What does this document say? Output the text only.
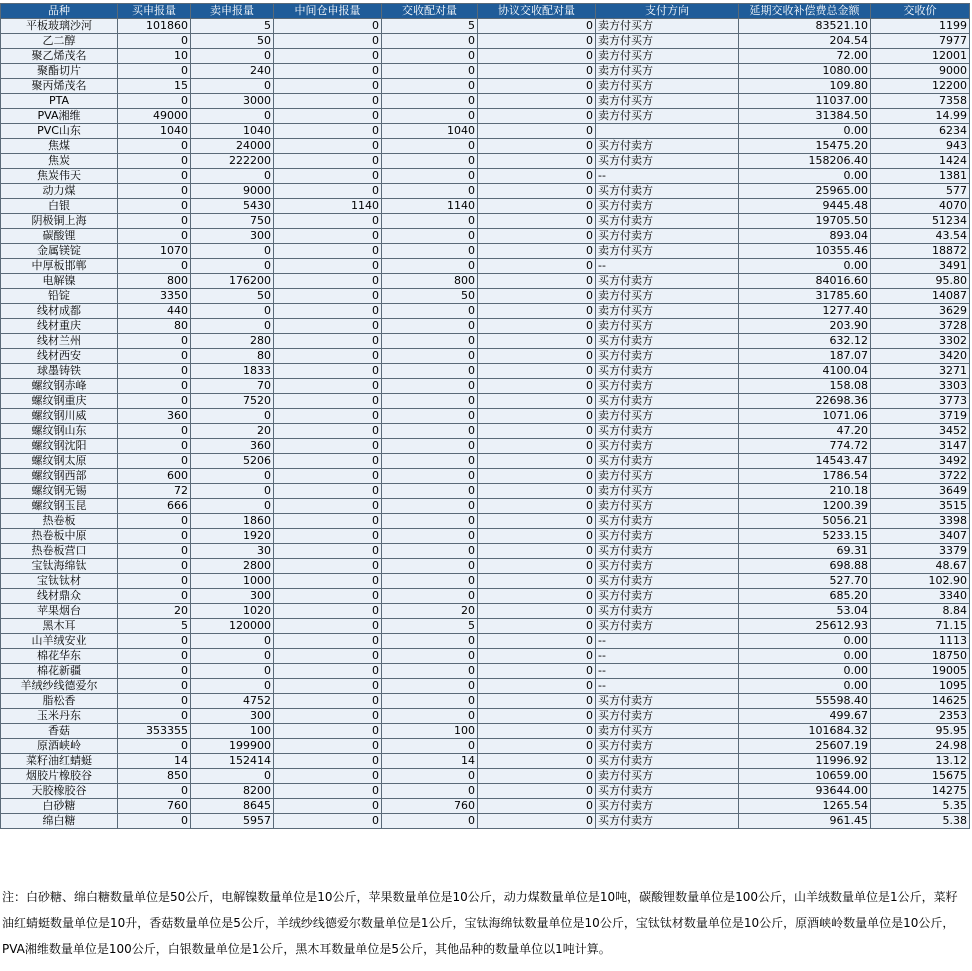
品种	买申报量	卖申报量	中间仓申报量	交收配对量	协议交收配对量	支付方向	延期交收补偿费总金额	交收价
平板玻璃沙河	101860	5	0	5	0	卖方付买方	83521.10	1199
乙二醇	0	50	0	0	0	卖方付买方	204.54	7977
聚乙烯茂名	10	0	0	0	0	卖方付买方	72.00	12001
聚酯切片	0	240	0	0	0	卖方付买方	1080.00	9000
聚丙烯茂名	15	0	0	0	0	卖方付买方	109.80	12200
PTA	0	3000	0	0	0	卖方付买方	11037.00	7358
PVA湘维	49000	0	0	0	0	卖方付买方	31384.50	14.99
PVC山东	1040	1040	0	1040	0		0.00	6234
焦煤	0	24000	0	0	0	买方付卖方	15475.20	943
焦炭	0	222200	0	0	0	买方付卖方	158206.40	1424
焦炭伟天	0	0	0	0	0	--	0.00	1381
动力煤	0	9000	0	0	0	买方付卖方	25965.00	577
白银	0	5430	1140	1140	0	买方付卖方	9445.48	4070
阴极铜上海	0	750	0	0	0	买方付卖方	19705.50	51234
碳酸锂	0	300	0	0	0	买方付卖方	893.04	43.54
金属镁锭	1070	0	0	0	0	卖方付买方	10355.46	18872
中厚板邯郸	0	0	0	0	0	--	0.00	3491
电解镍	800	176200	0	800	0	买方付卖方	84016.60	95.80
铅锭	3350	50	0	50	0	卖方付买方	31785.60	14087
线材成都	440	0	0	0	0	卖方付买方	1277.40	3629
线材重庆	80	0	0	0	0	卖方付买方	203.90	3728
线材兰州	0	280	0	0	0	买方付卖方	632.12	3302
线材西安	0	80	0	0	0	买方付卖方	187.07	3420
球墨铸铁	0	1833	0	0	0	买方付卖方	4100.04	3271
螺纹钢赤峰	0	70	0	0	0	买方付卖方	158.08	3303
螺纹钢重庆	0	7520	0	0	0	买方付卖方	22698.36	3773
螺纹钢川威	360	0	0	0	0	卖方付买方	1071.06	3719
螺纹钢山东	0	20	0	0	0	买方付卖方	47.20	3452
螺纹钢沈阳	0	360	0	0	0	买方付卖方	774.72	3147
螺纹钢太原	0	5206	0	0	0	买方付卖方	14543.47	3492
螺纹钢西部	600	0	0	0	0	卖方付买方	1786.54	3722
螺纹钢无锡	72	0	0	0	0	卖方付买方	210.18	3649
螺纹钢玉昆	666	0	0	0	0	卖方付买方	1200.39	3515
热卷板	0	1860	0	0	0	买方付卖方	5056.21	3398
热卷板中原	0	1920	0	0	0	买方付卖方	5233.15	3407
热卷板营口	0	30	0	0	0	买方付卖方	69.31	3379
宝钛海绵钛	0	2800	0	0	0	买方付卖方	698.88	48.67
宝钛钛材	0	1000	0	0	0	买方付卖方	527.70	102.90
线材鼎众	0	300	0	0	0	买方付卖方	685.20	3340
苹果烟台	20	1020	0	20	0	买方付卖方	53.04	8.84
黑木耳	5	120000	0	5	0	买方付卖方	25612.93	71.15
山羊绒安业	0	0	0	0	0	--	0.00	1113
棉花华东	0	0	0	0	0	--	0.00	18750
棉花新疆	0	0	0	0	0	--	0.00	19005
羊绒纱线德爱尔	0	0	0	0	0	--	0.00	1095
脂松香	0	4752	0	0	0	买方付卖方	55598.40	14625
玉米丹东	0	300	0	0	0	买方付卖方	499.67	2353
香菇	353355	100	0	100	0	卖方付买方	101684.32	95.95
原酒峡岭	0	199900	0	0	0	买方付卖方	25607.19	24.98
菜籽油红蜻蜓	14	152414	0	14	0	买方付卖方	11996.92	13.12
烟胶片橡胶谷	850	0	0	0	0	卖方付买方	10659.00	15675
天胶橡胶谷	0	8200	0	0	0	买方付卖方	93644.00	14275
白砂糖	760	8645	0	760	0	买方付卖方	1265.54	5.35
绵白糖	0	5957	0	0	0	买方付卖方	961.45	5.38
注：白砂糖、绵白糖数量单位是50公斤，电解镍数量单位是10公斤，苹果数量单位是10公斤，动力煤数量单位是10吨，碳酸锂数量单位是100公斤，山羊绒数量单位是1公斤，菜籽油红蜻蜓数量单位是10升，香菇数量单位是5公斤，羊绒纱线德爱尔数量单位是1公斤，宝钛海绵钛数量单位是10公斤，宝钛钛材数量单位是10公斤，原酒峡岭数量单位是10公斤，PVA湘维数量单位是100公斤，白银数量单位是1公斤，黑木耳数量单位是5公斤，其他品种的数量单位以1吨计算。
